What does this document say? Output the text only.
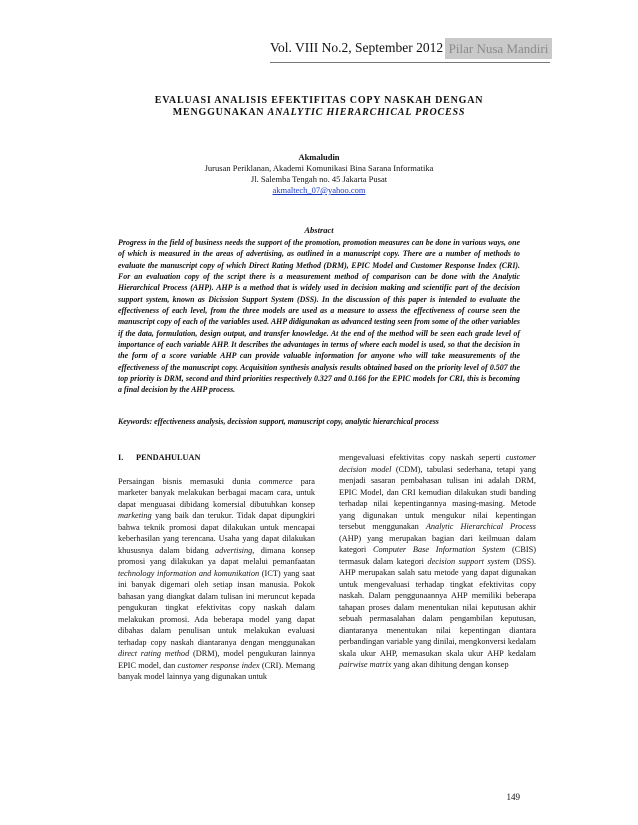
Vol. VIII No.2, September 2012 Pilar Nusa Mandiri
EVALUASI ANALISIS EFEKTIFITAS COPY NASKAH DENGAN
MENGGUNAKAN ANALYTIC HIERARCHICAL PROCESS
Akmaludin
Jurusan Periklanan, Akademi Komunikasi Bina Sarana Informatika
Jl. Salemba Tengah no. 45 Jakarta Pusat
akmaltech_07@yahoo.com
Abstract

Progress in the field of business needs the support of the promotion, promotion measures can be done in various ways, one of which is measured in the areas of advertising, as outlined in a manuscript copy. There are a number of methods to evaluate the manuscript copy of which Direct Rating Method (DRM), EPIC Model and Customer Response Index (CRI). For an evaluation copy of the script there is a measurement method of comparison can be done with the Analytic Hierarchical Process (AHP). AHP is a method that is widely used in decision making and scientific part of the decision support system, known as Dicission Support System (DSS). In the discussion of this paper is intended to evaluate the effectiveness of each level, from the three models are used as a measure to assess the effectiveness of course seen the manuscript copy of each of the variables used. AHP didigunakan as advanced testing seen from some of the other variables if the data, formulation, design output, and transfer knowledge. At the end of the method will be seen each grade level of importance of each variable AHP. It describes the advantages in terms of where each model is used, so that the decision in the form of a score variable AHP can provide valuable information for anyone who will take measurements of the effectiveness of the manuscript copy. Acquisition synthesis analysis results obtained based on the priority level of 0.507 the top priority is DRM, second and third priorities respectively 0.327 and 0.166 for the EPIC models for CRI, this is becoming a final decision by the AHP process.

Keywords: effectiveness analysis, decission support, manuscript copy, analytic hierarchical process
I. PENDAHULUAN

Persaingan bisnis memasuki dunia commerce para marketer banyak melakukan berbagai macam cara, untuk dapat menguasai dibidang komersial dibutuhkan konsep marketing yang baik dan terukur. Tidak dapat dipungkiri bahwa teknik promosi dapat dilakukan untuk mencapai keberhasilan yang terencana. Usaha yang dapat dilakukan khususnya dalam bidang advertising, dimana konsep promosi yang dilakukan ya dapat melalui pemanfaatan technology information and komunikation (ICT) yang saat ini banyak digemari oleh setiap insan manusia. Pokok bahasan yang diangkat dalam tulisan ini meruncut kepada pengukuran tingkat efektivitas copy naskah dalam melakukan promosi. Ada beberapa model yang dapat dibahas dalam penulisan untuk melakukan evaluasi terhadap copy naskah diantaranya dengan menggunakan direct rating method (DRM), model pengukuran lainnya EPIC model, dan customer response index (CRI). Memang banyak model lainnya yang digunakan untuk

mengevaluasi efektivitas copy naskah seperti customer decision model (CDM), tabulasi sederhana, tetapi yang menjadi sasaran pembahasan tulisan ini adalah DRM, EPIC Model, dan CRI kemudian dilakukan studi banding terhadap nilai kepentingannya masing-masing. Metode yang digunakan untuk mengukur nilai kepentingan tersebut menggunakan Analytic Hierarchical Process (AHP) yang merupakan bagian dari keilmuan dalam kategori Computer Base Information System (CBIS) termasuk dalam kategori decision support system (DSS). AHP merupakan salah satu metode yang dapat digunakan untuk mengevaluasi terhadap tingkat efektivitas copy naskah. Dalam penggunaannya AHP memiliki beberapa tahapan proses dalam menentukan nilai keputusan akhir sebuah permasalahan dalam pengambilan keputusan, diantaranya menentukan nilai kepentingan diantara perbandingan variable yang dinilai, mengkonversi kedalam skala ukur AHP, memasukan skala ukur AHP kedalam pairwise matrix yang akan dihitung dengan konsep

149
